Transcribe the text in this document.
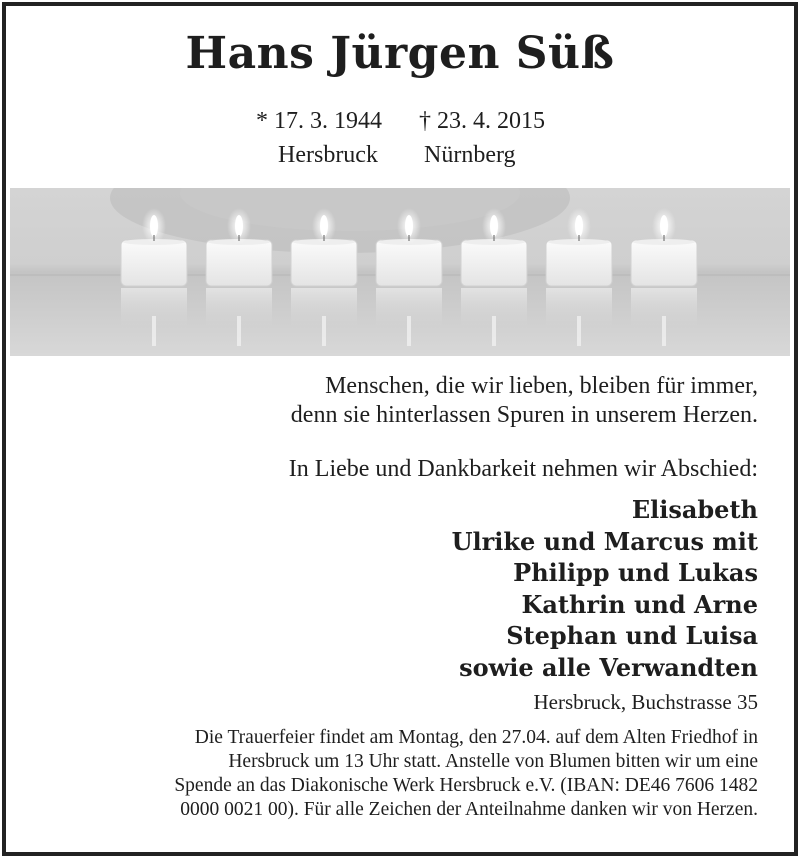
Hans Jürgen Süß
* 17. 3. 1944 † 23. 4. 2015
Hersbruck Nürnberg
Menschen, die wir lieben, bleiben für immer,
denn sie hinterlassen Spuren in unserem Herzen.
In Liebe und Dankbarkeit nehmen wir Abschied:
Elisabeth
Ulrike und Marcus mit
Philipp und Lukas
Kathrin und Arne
Stephan und Luisa
sowie alle Verwandten
Hersbruck, Buchstrasse 35
Die Trauerfeier findet am Montag, den 27.04. auf dem Alten Friedhof in
Hersbruck um 13 Uhr statt. Anstelle von Blumen bitten wir um eine
Spende an das Diakonische Werk Hersbruck e.V. (IBAN: DE46 7606 1482
0000 0021 00). Für alle Zeichen der Anteilnahme danken wir von Herzen.
